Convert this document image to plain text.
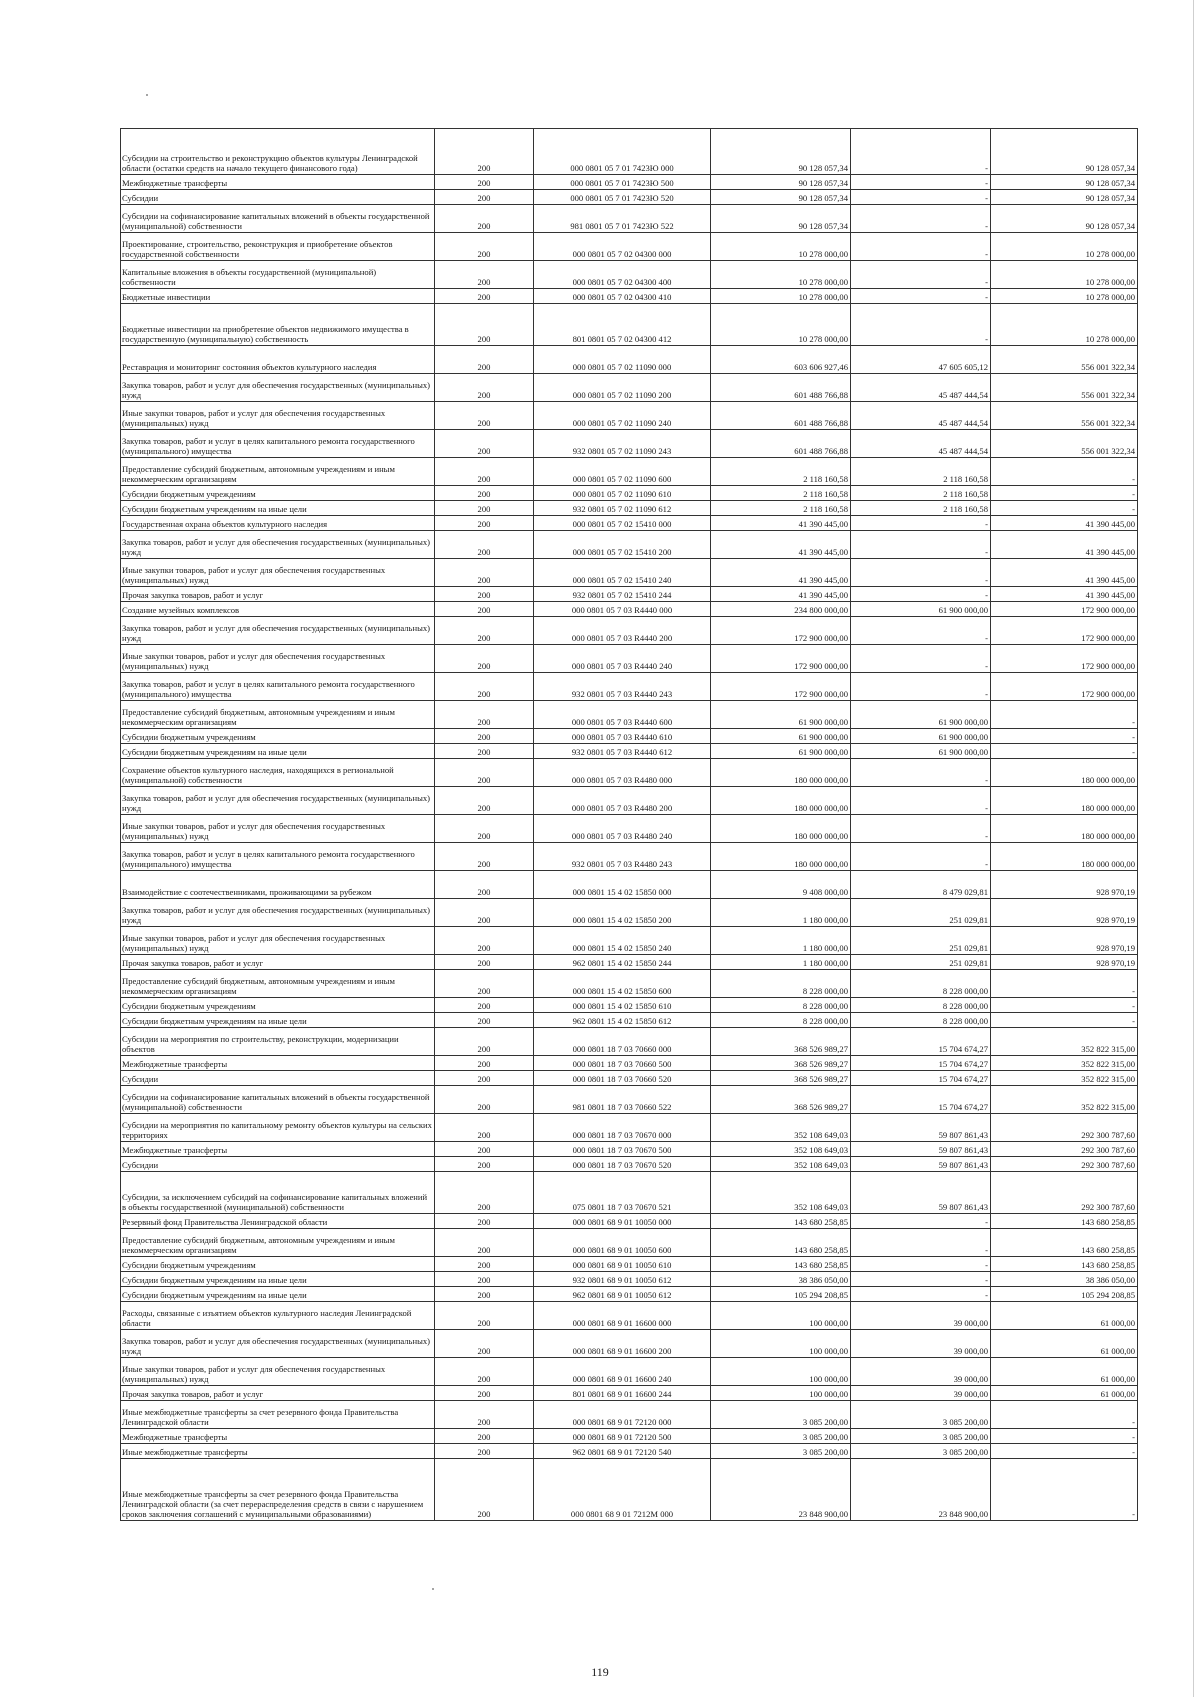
Субсидии на строительство и реконструкцию объектов культуры Ленинградской области (остатки средств на начало текущего финансового года)	200	000 0801 05 7 01 7423Ю 000	90 128 057,34	-	90 128 057,34
Межбюджетные трансферты	200	000 0801 05 7 01 7423Ю 500	90 128 057,34	-	90 128 057,34
Субсидии	200	000 0801 05 7 01 7423Ю 520	90 128 057,34	-	90 128 057,34
Субсидии на софинансирование капитальных вложений в объекты государственной (муниципальной) собственности	200	981 0801 05 7 01 7423Ю 522	90 128 057,34	-	90 128 057,34
Проектирование, строительство, реконструкция и приобретение объектов государственной собственности	200	000 0801 05 7 02 04300 000	10 278 000,00	-	10 278 000,00
Капитальные вложения в объекты государственной (муниципальной) собственности	200	000 0801 05 7 02 04300 400	10 278 000,00	-	10 278 000,00
Бюджетные инвестиции	200	000 0801 05 7 02 04300 410	10 278 000,00	-	10 278 000,00
Бюджетные инвестиции на приобретение объектов недвижимого имущества в государственную (муниципальную) собственность	200	801 0801 05 7 02 04300 412	10 278 000,00	-	10 278 000,00
Реставрация и мониторинг состояния объектов культурного наследия	200	000 0801 05 7 02 11090 000	603 606 927,46	47 605 605,12	556 001 322,34
Закупка товаров, работ и услуг для обеспечения государственных (муниципальных) нужд	200	000 0801 05 7 02 11090 200	601 488 766,88	45 487 444,54	556 001 322,34
Иные закупки товаров, работ и услуг для обеспечения государственных (муниципальных) нужд	200	000 0801 05 7 02 11090 240	601 488 766,88	45 487 444,54	556 001 322,34
Закупка товаров, работ и услуг в целях капитального ремонта государственного (муниципального) имущества	200	932 0801 05 7 02 11090 243	601 488 766,88	45 487 444,54	556 001 322,34
Предоставление субсидий бюджетным, автономным учреждениям и иным некоммерческим организациям	200	000 0801 05 7 02 11090 600	2 118 160,58	2 118 160,58	-
Субсидии бюджетным учреждениям	200	000 0801 05 7 02 11090 610	2 118 160,58	2 118 160,58	-
Субсидии бюджетным учреждениям на иные цели	200	932 0801 05 7 02 11090 612	2 118 160,58	2 118 160,58	-
Государственная охрана объектов культурного наследия	200	000 0801 05 7 02 15410 000	41 390 445,00	-	41 390 445,00
Закупка товаров, работ и услуг для обеспечения государственных (муниципальных) нужд	200	000 0801 05 7 02 15410 200	41 390 445,00	-	41 390 445,00
Иные закупки товаров, работ и услуг для обеспечения государственных (муниципальных) нужд	200	000 0801 05 7 02 15410 240	41 390 445,00	-	41 390 445,00
Прочая закупка товаров, работ и услуг	200	932 0801 05 7 02 15410 244	41 390 445,00	-	41 390 445,00
Создание музейных комплексов	200	000 0801 05 7 03 R4440 000	234 800 000,00	61 900 000,00	172 900 000,00
Закупка товаров, работ и услуг для обеспечения государственных (муниципальных) нужд	200	000 0801 05 7 03 R4440 200	172 900 000,00	-	172 900 000,00
Иные закупки товаров, работ и услуг для обеспечения государственных (муниципальных) нужд	200	000 0801 05 7 03 R4440 240	172 900 000,00	-	172 900 000,00
Закупка товаров, работ и услуг в целях капитального ремонта государственного (муниципального) имущества	200	932 0801 05 7 03 R4440 243	172 900 000,00	-	172 900 000,00
Предоставление субсидий бюджетным, автономным учреждениям и иным некоммерческим организациям	200	000 0801 05 7 03 R4440 600	61 900 000,00	61 900 000,00	-
Субсидии бюджетным учреждениям	200	000 0801 05 7 03 R4440 610	61 900 000,00	61 900 000,00	-
Субсидии бюджетным учреждениям на иные цели	200	932 0801 05 7 03 R4440 612	61 900 000,00	61 900 000,00	-
Сохранение объектов культурного наследия, находящихся в региональной (муниципальной) собственности	200	000 0801 05 7 03 R4480 000	180 000 000,00	-	180 000 000,00
Закупка товаров, работ и услуг для обеспечения государственных (муниципальных) нужд	200	000 0801 05 7 03 R4480 200	180 000 000,00	-	180 000 000,00
Иные закупки товаров, работ и услуг для обеспечения государственных (муниципальных) нужд	200	000 0801 05 7 03 R4480 240	180 000 000,00	-	180 000 000,00
Закупка товаров, работ и услуг в целях капитального ремонта государственного (муниципального) имущества	200	932 0801 05 7 03 R4480 243	180 000 000,00	-	180 000 000,00
Взаимодействие с соотечественниками, проживающими за рубежом	200	000 0801 15 4 02 15850 000	9 408 000,00	8 479 029,81	928 970,19
Закупка товаров, работ и услуг для обеспечения государственных (муниципальных) нужд	200	000 0801 15 4 02 15850 200	1 180 000,00	251 029,81	928 970,19
Иные закупки товаров, работ и услуг для обеспечения государственных (муниципальных) нужд	200	000 0801 15 4 02 15850 240	1 180 000,00	251 029,81	928 970,19
Прочая закупка товаров, работ и услуг	200	962 0801 15 4 02 15850 244	1 180 000,00	251 029,81	928 970,19
Предоставление субсидий бюджетным, автономным учреждениям и иным некоммерческим организациям	200	000 0801 15 4 02 15850 600	8 228 000,00	8 228 000,00	-
Субсидии бюджетным учреждениям	200	000 0801 15 4 02 15850 610	8 228 000,00	8 228 000,00	-
Субсидии бюджетным учреждениям на иные цели	200	962 0801 15 4 02 15850 612	8 228 000,00	8 228 000,00	-
Субсидии на мероприятия по строительству, реконструкции, модернизации объектов	200	000 0801 18 7 03 70660 000	368 526 989,27	15 704 674,27	352 822 315,00
Межбюджетные трансферты	200	000 0801 18 7 03 70660 500	368 526 989,27	15 704 674,27	352 822 315,00
Субсидии	200	000 0801 18 7 03 70660 520	368 526 989,27	15 704 674,27	352 822 315,00
Субсидии на софинансирование капитальных вложений в объекты государственной (муниципальной) собственности	200	981 0801 18 7 03 70660 522	368 526 989,27	15 704 674,27	352 822 315,00
Субсидии на мероприятия по капитальному ремонту объектов культуры на сельских территориях	200	000 0801 18 7 03 70670 000	352 108 649,03	59 807 861,43	292 300 787,60
Межбюджетные трансферты	200	000 0801 18 7 03 70670 500	352 108 649,03	59 807 861,43	292 300 787,60
Субсидии	200	000 0801 18 7 03 70670 520	352 108 649,03	59 807 861,43	292 300 787,60
Субсидии, за исключением субсидий на софинансирование капитальных вложений в объекты государственной (муниципальной) собственности	200	075 0801 18 7 03 70670 521	352 108 649,03	59 807 861,43	292 300 787,60
Резервный фонд Правительства Ленинградской области	200	000 0801 68 9 01 10050 000	143 680 258,85	-	143 680 258,85
Предоставление субсидий бюджетным, автономным учреждениям и иным некоммерческим организациям	200	000 0801 68 9 01 10050 600	143 680 258,85	-	143 680 258,85
Субсидии бюджетным учреждениям	200	000 0801 68 9 01 10050 610	143 680 258,85	-	143 680 258,85
Субсидии бюджетным учреждениям на иные цели	200	932 0801 68 9 01 10050 612	38 386 050,00	-	38 386 050,00
Субсидии бюджетным учреждениям на иные цели	200	962 0801 68 9 01 10050 612	105 294 208,85	-	105 294 208,85
Расходы, связанные с изъятием объектов культурного наследия Ленинградской области	200	000 0801 68 9 01 16600 000	100 000,00	39 000,00	61 000,00
Закупка товаров, работ и услуг для обеспечения государственных (муниципальных) нужд	200	000 0801 68 9 01 16600 200	100 000,00	39 000,00	61 000,00
Иные закупки товаров, работ и услуг для обеспечения государственных (муниципальных) нужд	200	000 0801 68 9 01 16600 240	100 000,00	39 000,00	61 000,00
Прочая закупка товаров, работ и услуг	200	801 0801 68 9 01 16600 244	100 000,00	39 000,00	61 000,00
Иные межбюджетные трансферты за счет резервного фонда Правительства Ленинградской области	200	000 0801 68 9 01 72120 000	3 085 200,00	3 085 200,00	-
Межбюджетные трансферты	200	000 0801 68 9 01 72120 500	3 085 200,00	3 085 200,00	-
Иные межбюджетные трансферты	200	962 0801 68 9 01 72120 540	3 085 200,00	3 085 200,00	-
Иные межбюджетные трансферты за счет резервного фонда Правительства Ленинградской области (за счет перераспределения средств в связи с нарушением сроков заключения соглашений с муниципальными образованиями)	200	000 0801 68 9 01 7212М 000	23 848 900,00	23 848 900,00	-
119
